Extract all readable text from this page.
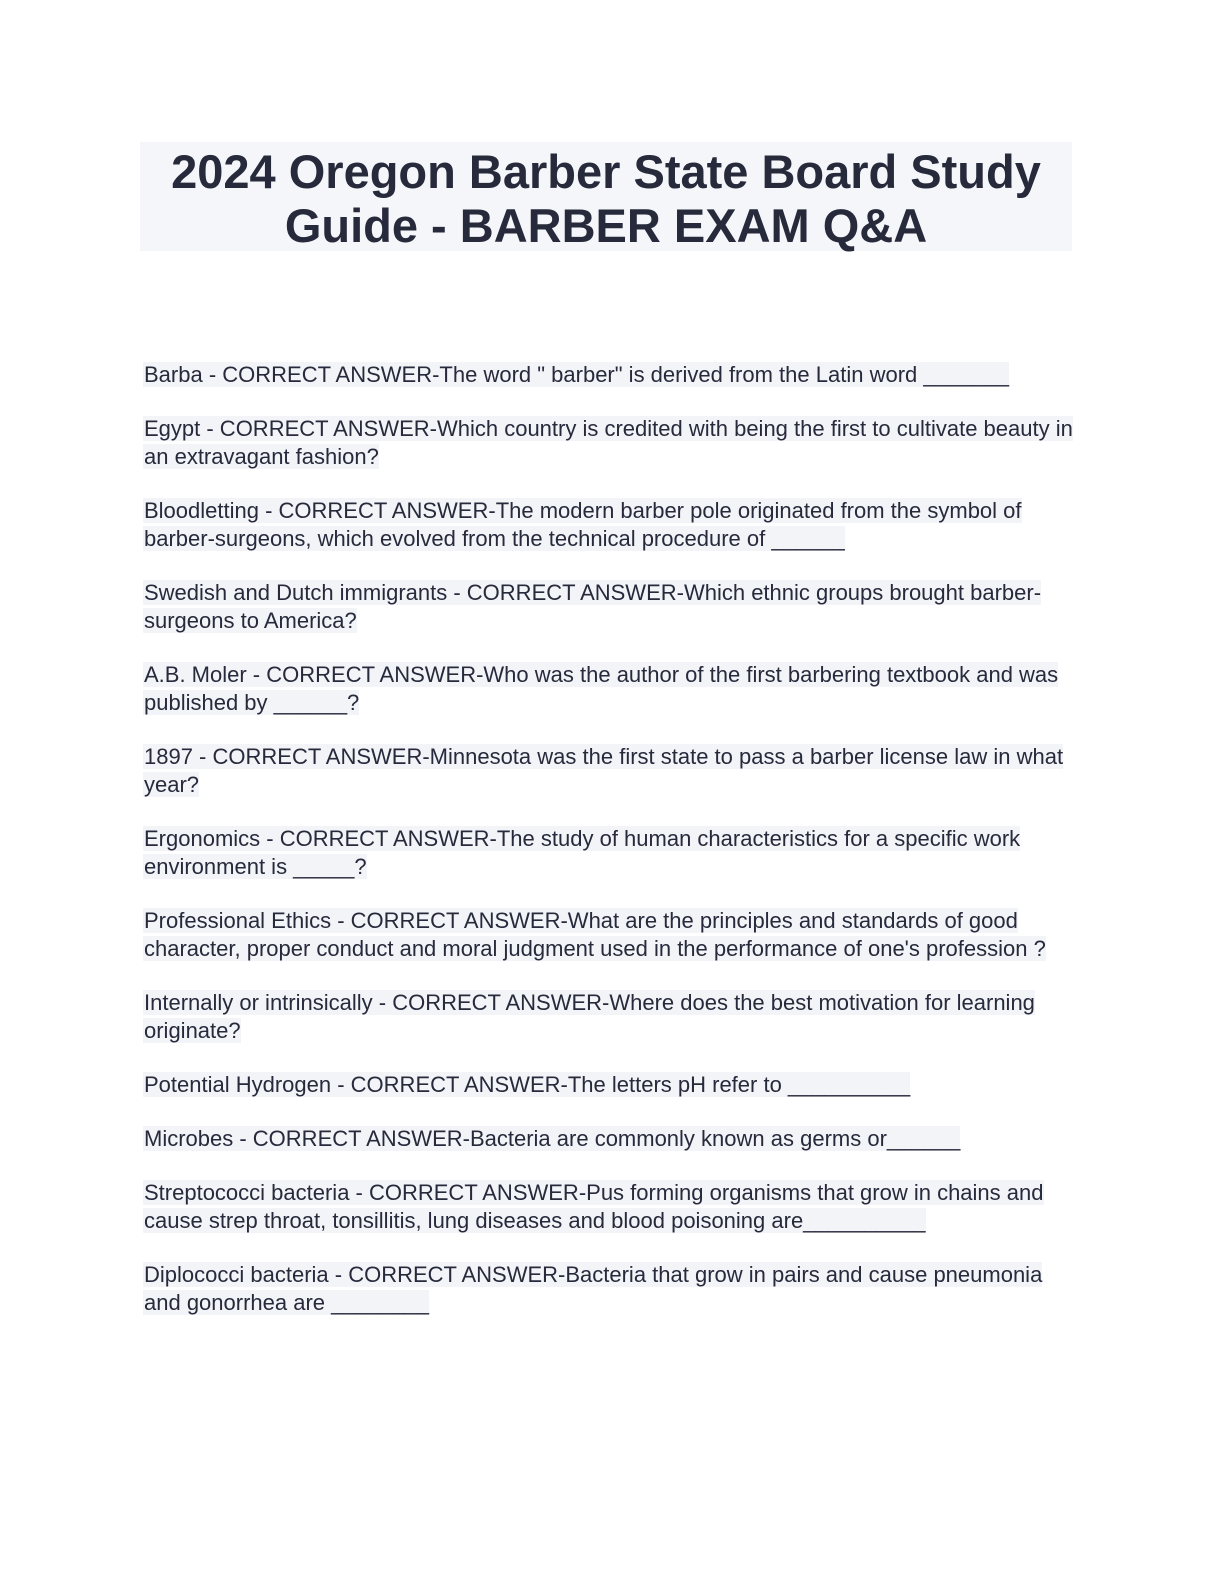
2024 Oregon Barber State Board Study
Guide - BARBER EXAM Q&A

Barba - CORRECT ANSWER-The word " barber" is derived from the Latin word _______

Egypt - CORRECT ANSWER-Which country is credited with being the first to cultivate beauty in an extravagant fashion?

Bloodletting - CORRECT ANSWER-The modern barber pole originated from the symbol of barber-surgeons, which evolved from the technical procedure of ______

Swedish and Dutch immigrants - CORRECT ANSWER-Which ethnic groups brought barber-surgeons to America?

A.B. Moler - CORRECT ANSWER-Who was the author of the first barbering textbook and was published by ______?

1897 - CORRECT ANSWER-Minnesota was the first state to pass a barber license law in what year?

Ergonomics - CORRECT ANSWER-The study of human characteristics for a specific work environment is _____?

Professional Ethics - CORRECT ANSWER-What are the principles and standards of good character, proper conduct and moral judgment used in the performance of one's profession ?

Internally or intrinsically - CORRECT ANSWER-Where does the best motivation for learning originate?

Potential Hydrogen - CORRECT ANSWER-The letters pH refer to __________

Microbes - CORRECT ANSWER-Bacteria are commonly known as germs or______

Streptococci bacteria - CORRECT ANSWER-Pus forming organisms that grow in chains and cause strep throat, tonsillitis, lung diseases and blood poisoning are__________

Diplococci bacteria - CORRECT ANSWER-Bacteria that grow in pairs and cause pneumonia and gonorrhea are ________
